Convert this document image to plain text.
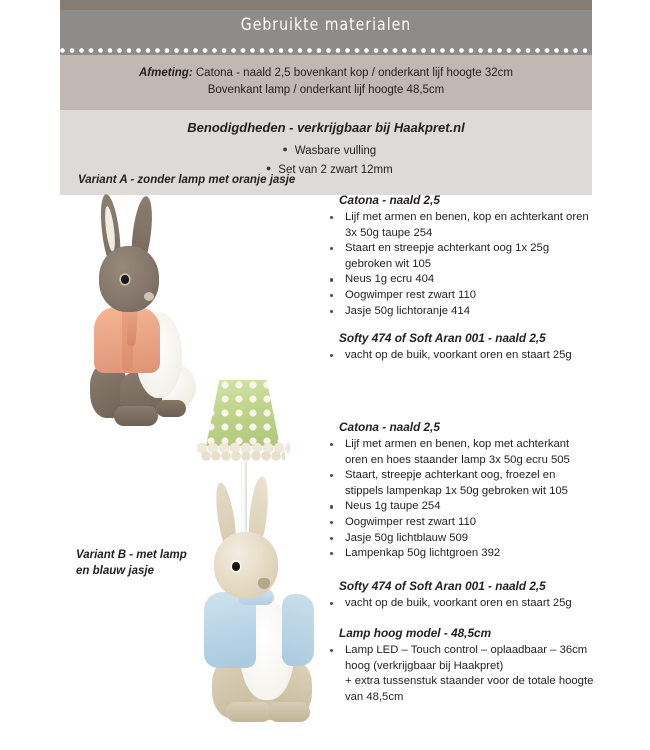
Gebruikte materialen
Afmeting: Catona - naald 2,5 bovenkant kop / onderkant lijf hoogte 32cm
Bovenkant lamp / onderkant lijf hoogte 48,5cm
Benodigdheden - verkrijgbaar bij Haakpret.nl
● Wasbare vulling
● Set van 2 zwart 12mm
Variant A - zonder lamp met oranje jasje
Variant B - met lamp
en blauw jasje
Catona - naald 2,5
Lijf met armen en benen, kop en achterkant oren 3x 50g taupe 254
Staart en streepje achterkant oog 1x 25g gebroken wit 105
Neus 1g ecru 404
Oogwimper rest zwart 110
Jasje 50g lichtoranje 414
Softy 474 of Soft Aran 001 - naald 2,5
vacht op de buik, voorkant oren en staart 25g
Catona - naald 2,5
Lijf met armen en benen, kop met achterkant oren en hoes staander lamp 3x 50g ecru 505
Staart, streepje achterkant oog, froezel en stippels lampenkap 1x 50g gebroken wit 105
Neus 1g taupe 254
Oogwimper rest zwart 110
Jasje 50g lichtblauw 509
Lampenkap 50g lichtgroen 392
Softy 474 of Soft Aran 001 - naald 2,5
vacht op de buik, voorkant oren en staart 25g
Lamp hoog model - 48,5cm
Lamp LED – Touch control – oplaadbaar – 36cm hoog (verkrijgbaar bij Haakpret)
+ extra tussenstuk staander voor de totale hoogte van 48,5cm
